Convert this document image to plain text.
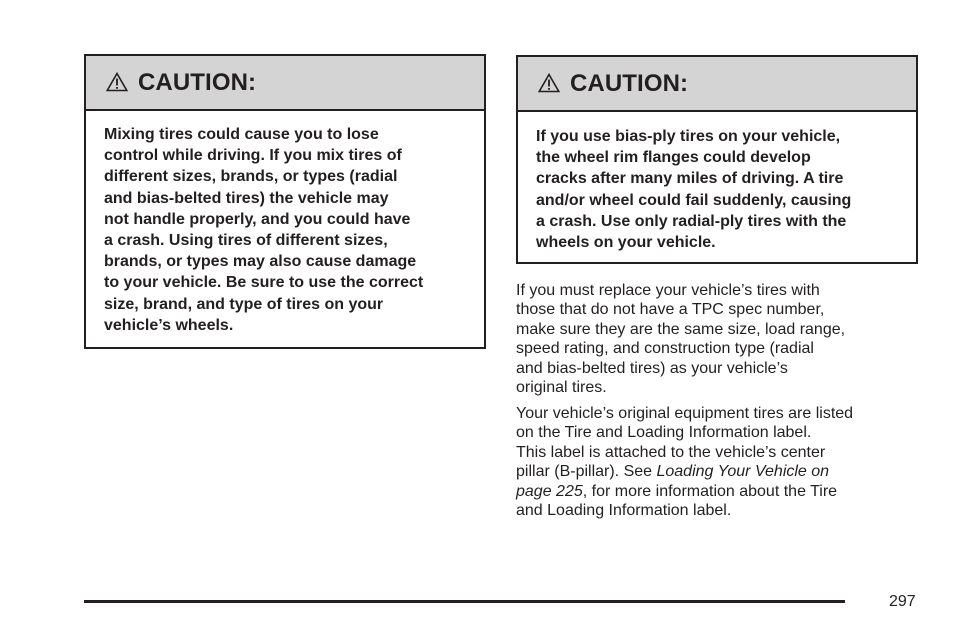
CAUTION:

Mixing tires could cause you to lose
control while driving. If you mix tires of
different sizes, brands, or types (radial
and bias-belted tires) the vehicle may
not handle properly, and you could have
a crash. Using tires of different sizes,
brands, or types may also cause damage
to your vehicle. Be sure to use the correct
size, brand, and type of tires on your
vehicle’s wheels.

CAUTION:

If you use bias-ply tires on your vehicle,
the wheel rim flanges could develop
cracks after many miles of driving. A tire
and/or wheel could fail suddenly, causing
a crash. Use only radial-ply tires with the
wheels on your vehicle.

If you must replace your vehicle’s tires with
those that do not have a TPC spec number,
make sure they are the same size, load range,
speed rating, and construction type (radial
and bias-belted tires) as your vehicle’s
original tires.

Your vehicle’s original equipment tires are listed
on the Tire and Loading Information label.
This label is attached to the vehicle’s center
pillar (B-pillar). See Loading Your Vehicle on
page 225, for more information about the Tire
and Loading Information label.

297
